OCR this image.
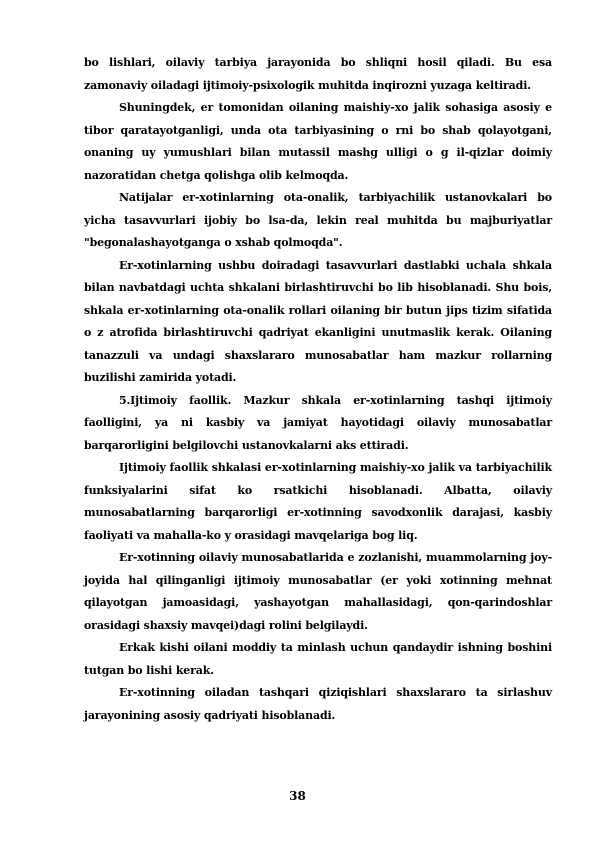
bo lishlari, oilaviy tarbiya jarayonida bo shliqni hosil qiladi. Bu esa zamonaviy oiladagi ijtimoiy-psixologik muhitda inqirozni yuzaga keltiradi.

Shuningdek, er tomonidan oilaning maishiy-xo jalik sohasiga asosiy e tibor qaratayotganligi, unda ota tarbiyasining o rni bo shab qolayotgani, onaning uy yumushlari bilan mutassil mashg ulligi o g il-qizlar doimiy nazoratidan chetga qolishga olib kelmoqda.

Natijalar er-xotinlarning ota-onalik, tarbiyachilik ustanovkalari bo yicha tasavvurlari ijobiy bo lsa-da, lekin real muhitda bu majburiyatlar "begonalashayotganga o xshab qolmoqda".

Er-xotinlarning ushbu doiradagi tasavvurlari dastlabki uchala shkala bilan navbatdagi uchta shkalani birlashtiruvchi bo lib hisoblanadi. Shu bois, shkala er-xotinlarning ota-onalik rollari oilaning bir butun jips tizim sifatida o z atrofida birlashtiruvchi qadriyat ekanligini unutmaslik kerak. Oilaning tanazzuli va undagi shaxslararo munosabatlar ham mazkur rollarning buzilishi zamirida yotadi.

5.Ijtimoiy faollik. Mazkur shkala er-xotinlarning tashqi ijtimoiy faolligini, ya ni kasbiy va jamiyat hayotidagi oilaviy munosabatlar barqarorligini belgilovchi ustanovkalarni aks ettiradi.

Ijtimoiy faollik shkalasi er-xotinlarning maishiy-xo jalik va tarbiyachilik funksiyalarini sifat ko rsatkichi hisoblanadi. Albatta, oilaviy munosabatlarning barqarorligi er-xotinning savodxonlik darajasi, kasbiy faoliyati va mahalla-ko y orasidagi mavqelariga bog liq.

Er-xotinning oilaviy munosabatlarida e zozlanishi, muammolarning joy-joyida hal qilinganligi ijtimoiy munosabatlar (er yoki xotinning mehnat qilayotgan jamoasidagi, yashayotgan mahallasidagi, qon-qarindoshlar orasidagi shaxsiy mavqei)dagi rolini belgilaydi.

Erkak kishi oilani moddiy ta minlash uchun qandaydir ishning boshini tutgan bo lishi kerak.

Er-xotinning oiladan tashqari qiziqishlari shaxslararo ta sirlashuv jarayonining asosiy qadriyati hisoblanadi.

38
